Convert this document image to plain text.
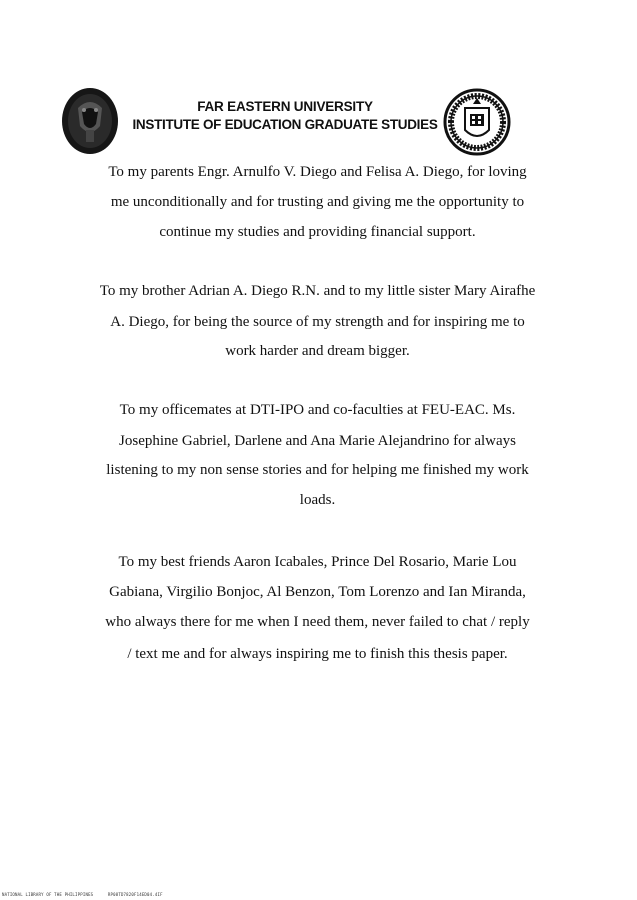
FAR EASTERN UNIVERSITY
INSTITUTE OF EDUCATION GRADUATE STUDIES
To my parents Engr. Arnulfo V. Diego and Felisa A. Diego, for loving
me unconditionally and for trusting and giving me the opportunity to
continue my studies and providing financial support.
To my brother Adrian A. Diego R.N. and to my little sister Mary Airafhe
A. Diego, for being the source of my strength and for inspiring me to
work harder and dream bigger.
To my officemates at DTI-IPO and co-faculties at FEU-EAC. Ms.
Josephine Gabriel, Darlene and Ana Marie Alejandrino for always
listening to my non sense stories and for helping me finished my work
loads.
To my best friends Aaron Icabales, Prince Del Rosario, Marie Lou
Gabiana, Virgilio Bonjoc, Al Benzon, Tom Lorenzo and Ian Miranda,
who always there for me when I need them, never failed to chat / reply
/ text me and for always inspiring me to finish this thesis paper.
NATIONAL LIBRARY OF THE PHILIPPINES	RP08TD7820F14ED04.4IF
